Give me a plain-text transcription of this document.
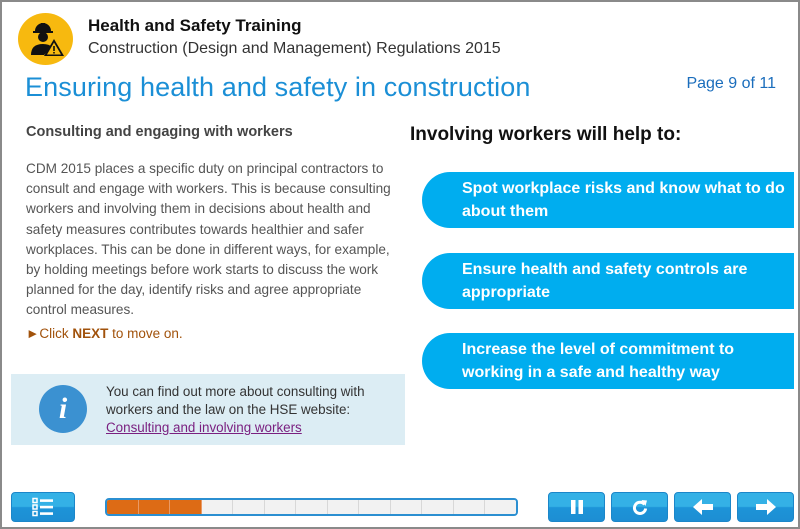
Health and Safety Training
Construction (Design and Management) Regulations 2015
Ensuring health and safety in construction	Page 9 of 11
Consulting and engaging with workers
CDM 2015 places a specific duty on principal contractors to consult and engage with workers. This is because consulting workers and involving them in decisions about health and safety measures contributes towards healthier and safer workplaces. This can be done in different ways, for example, by holding meetings before work starts to discuss the work planned for the day, identify risks and agree appropriate control measures.
►Click NEXT to move on.
i
You can find out more about consulting with workers and the law on the HSE website:
Consulting and involving workers
Involving workers will help to:
Spot workplace risks and know what to do about them
Ensure health and safety controls are appropriate
Increase the level of commitment to working in a safe and healthy way
